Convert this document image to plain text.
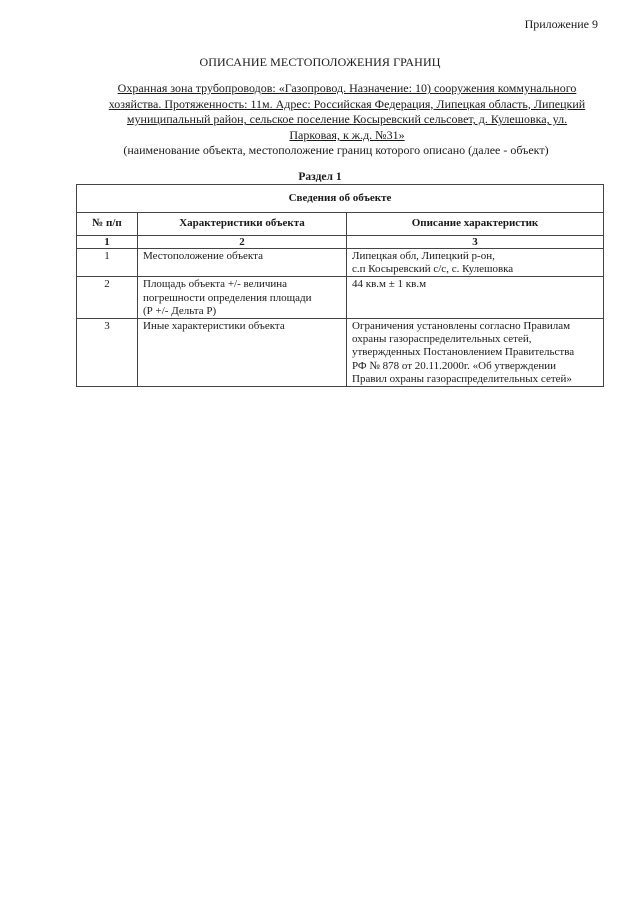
Приложение 9
ОПИСАНИЕ МЕСТОПОЛОЖЕНИЯ ГРАНИЦ
Охранная зона трубопроводов: «Газопровод. Назначение: 10) сооружения коммунального
хозяйства. Протяженность: 11м. Адрес: Российская Федерация, Липецкая область, Липецкий
муниципальный район, сельское поселение Косыревский сельсовет, д. Кулешовка, ул.
Парковая, к ж.д. №31»
(наименование объекта, местоположение границ которого описано (далее - объект)
Раздел 1
Сведения об объекте		
№ п/п	Характеристики объекта	Описание характеристик
1	2	3
1	Местоположение объекта	Липецкая обл, Липецкий р-он,
с.п Косыревский с/с, с. Кулешовка

2	Площадь объекта +/- величина
погрешности определения площади
(Р +/- Дельта Р)	44 кв.м ± 1 кв.м

3	Иные характеристики объекта	Ограничения установлены согласно Правилам
охраны газораспределительных сетей,
утвержденных Постановлением Правительства
РФ № 878 от 20.11.2000г. «Об утверждении
Правил охраны газораспределительных сетей»
